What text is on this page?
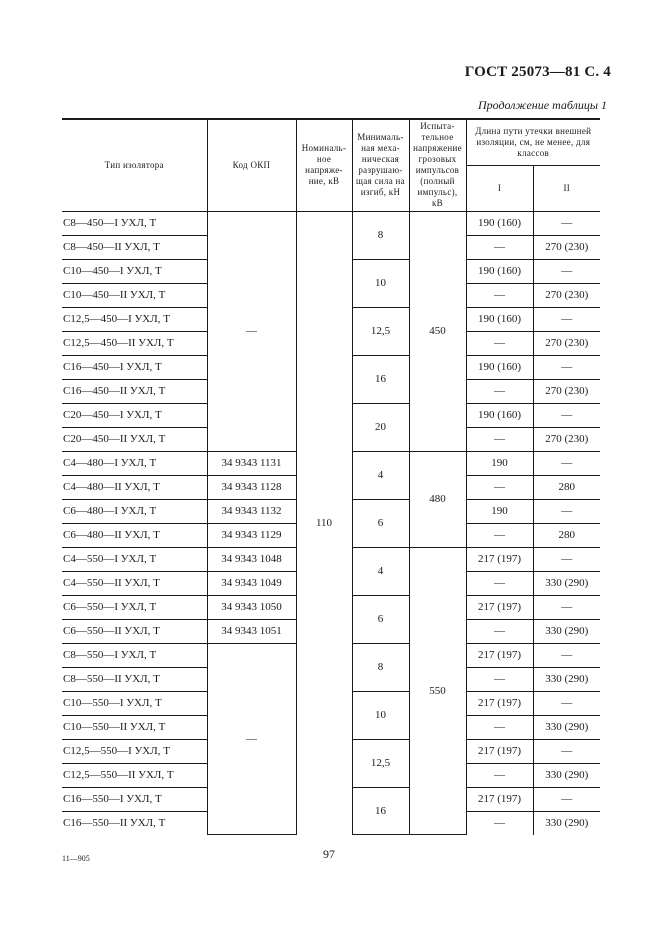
ГОСТ 25073—81 С. 4
Продолжение таблицы 1
Тип изолятора	Код ОКП	Номиналь-ное напряже-ние, кВ	Минималь-ная меха-ническая разрушаю-щая сила на изгиб, кН	Испыта-тельное напряжение грозовых импульсов (полный импульс), кВ	Длина пути утечки внешней изоляции, см, не менее, для классов	
					I	II
С8—450—I УХЛ, Т	—	110	8	450	190 (160)	—
С8—450—II УХЛ, Т					—	270 (230)
С10—450—I УХЛ, Т			10		190 (160)	—
С10—450—II УХЛ, Т					—	270 (230)
С12,5—450—I УХЛ, Т			12,5		190 (160)	—
С12,5—450—II УХЛ, Т					—	270 (230)
С16—450—I УХЛ, Т			16		190 (160)	—
С16—450—II УХЛ, Т					—	270 (230)
С20—450—I УХЛ, Т			20		190 (160)	—
С20—450—II УХЛ, Т					—	270 (230)
С4—480—I УХЛ, Т	34 9343 1131		4	480	190	—
С4—480—II УХЛ, Т	34 9343 1128				—	280
С6—480—I УХЛ, Т	34 9343 1132		6		190	—
С6—480—II УХЛ, Т	34 9343 1129				—	280
С4—550—I УХЛ, Т	34 9343 1048		4	550	217 (197)	—
С4—550—II УХЛ, Т	34 9343 1049				—	330 (290)
С6—550—I УХЛ, Т	34 9343 1050		6		217 (197)	—
С6—550—II УХЛ, Т	34 9343 1051				—	330 (290)
С8—550—I УХЛ, Т	—		8		217 (197)	—
С8—550—II УХЛ, Т					—	330 (290)
С10—550—I УХЛ, Т			10		217 (197)	—
С10—550—II УХЛ, Т					—	330 (290)
С12,5—550—I УХЛ, Т			12,5		217 (197)	—
С12,5—550—II УХЛ, Т					—	330 (290)
С16—550—I УХЛ, Т			16		217 (197)	—
С16—550—II УХЛ, Т					—	330 (290)
11—905	97
